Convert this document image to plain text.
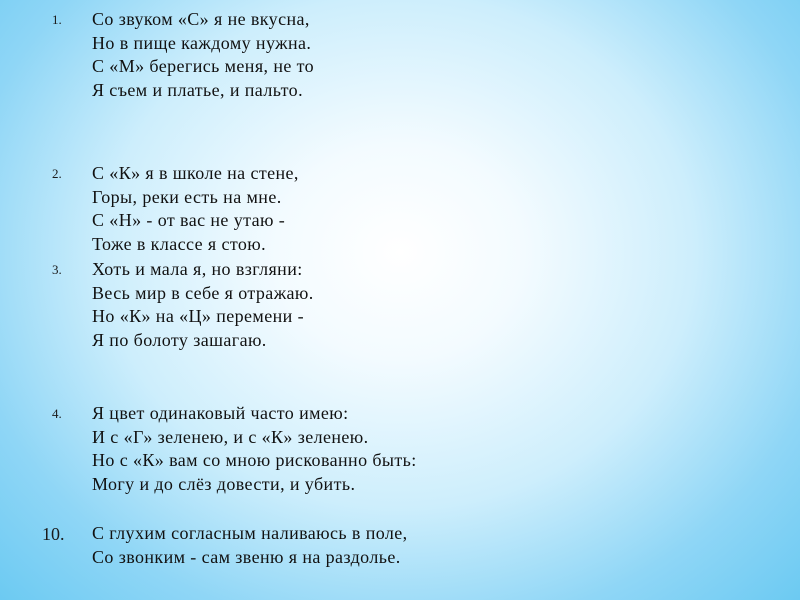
1. Со звуком «С» я не вкусна,
Но в пище каждому нужна.
С «М» берегись меня, не то
Я съем и платье, и пальто.
2. С «К» я в школе на стене,
Горы, реки есть на мне.
С «Н» - от вас не утаю -
Тоже в классе я стою.
3. Хоть и мала я, но взгляни:
Весь мир в себе я отражаю.
Но «К» на «Ц» перемени -
Я по болоту зашагаю.
4. Я цвет одинаковый часто имею:
И с «Г» зеленею, и с «К» зеленею.
Но с «К» вам со мною рискованно быть:
Могу и до слёз довести, и убить.
10. С глухим согласным наливаюсь в поле,
Со звонким - сам звеню я на раздолье.
